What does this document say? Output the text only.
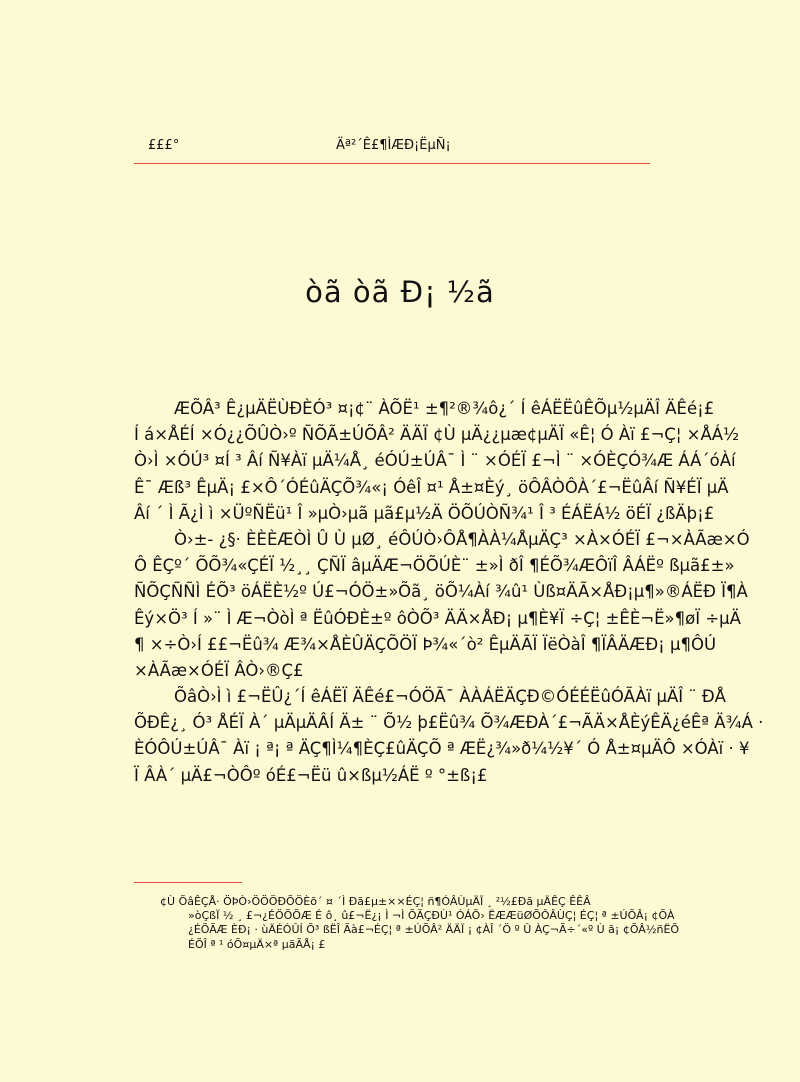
£££°	Äª²´Ê£¶ÌÆÐ¡ËµÑ¡
òã òã Ð¡ ½ã
ÆÕÂ³ Ê¿µÄËÙÐÈÓ³ ¤¡¢¨ ÀÕË¹ ±¶²®¾ô¿´ Í êÁËËûÊÕµ½µÄÎ ÄÊé¡£
Í á×ÅÉÍ ×Ó¿¿ÕÛÒ›º ÑÕÃ±ÚÕÂ² ÄÄÏ ¢Ù µÄ¿¿µæ¢µÄÏ «Ê¦ Ó Àï £¬Ç¦ ×ÅÁ½
Ò›Ì ×ÓÚ³ ¤Í ³ Âí Ñ¥Àï µÄ¼Å¸ éÓÚ±ÚÂ¯ Ì ¨ ×ÓÉÏ £¬Ì ¨ ×ÓÈÇÓ¾Æ ÁÁ´óÀí
Ê¯ Æß³ ÊµÄ¡ £×Ô´ÓÉûÄÇÕ¾«¡ ÓêÎ ¤¹ Å±¤Èý¸ öÔÂÒÔÀ´£¬ËûÂí Ñ¥ÉÏ µÄ
Âí ´ Ì Ã¿Ì ì ×ÜºÑËü¹ Î »µÒ›µã µã£µ½Ä ÖÕÚÒÑ¾¹ Î ³ ÉÁËÁ½ öÉÏ ¿ßÄþ¡£
Ò›±- ¿§· ÈÈÈÆÒÌ Û Ù µØ¸ éÔÚÒ›ÔÅ¶ÀÀ¼ÅµÄÇ³ ×À×ÓÉÏ £¬×ÀÃæ×Ó
Ô ÊÇº´ ÕÕ¾«ÇÉÏ ½¸¸ ÇÑÏ âµÄÆ¬ÖÕÚÈ¨ ±»Ì ðÎ ¶ÉÕ¾ÆÔïÎ ÂÁËº ßµã£±»
ÑÕÇÑÑÌ ÉÕ³ öÁËÈ½º Ú£¬ÓÖ±»Õã¸ öÕ¼Àí ¾û¹ Ùß¤ÄÃ×ÅÐ¡µ¶»®ÁËÐ Ï¶À
Êý×Ö³ Í »¨ Ì Æ¬ÒòÌ ª ËûÓÐÈ±º ôÒÕ³ ÄÄ×ÅÐ¡ µ¶È¥Ï ÷Ç¦ ±ÊÈ¬Ë»¶øÏ ÷µÄ
¶ ×÷Ò›Í ££¬Ëû¾ Æ¾×ÅÈÛÄÇÕÖÏ Þ¾«´ò² ÊµÄÃÏ ÏëÒàÎ ¶ÏÂÄÆÐ¡ µ¶ÔÚ
×ÀÃæ×ÓÉÏ ÂÒ›®Ç£
ÕâÒ›Ì ì £¬ËÛ¿´Í êÁËÏ ÄÊé£¬ÓÖÃ¯ ÀÀÁËÄÇÐ©ÓÉÉËûÓÃÀï µÄÎ ¨ ÐÅ
ÕÐÊ¿¸ Ó³ ÅÉÏ À´ µÄµÄÂÍ Ä± ¨ Õ½ þ£Ëû¾ Õ¾ÆÐÀ´£¬ÃÄ×ÅÈýÊÄ¿éÊª Ä¾Á ·
ÈÓÔÚ±ÚÂ¯ Àï ¡ ª¡ ª ÄÇ¶Ì¼¶ÈÇ£ûÄÇÕ ª ÆË¿¾»ð¼½¥´ Ó Å±¤µÄÔ ×ÓÀï · ¥
Ï ÂÀ´ µÄ£¬ÒÔº óÉ£¬Ëü û×ßµ½ÁË º °±ß¡£
¢Ù ÕâÊÇÅ· ÖÞÒ›ÖÖÖÐÕÖÈõ´ ¤ ´Ì Ðã£µ±××ÉÇ¦ ñ¶ÓÂÙµÄÏ ¸ ²½£Ðã µÄÊÇ ÊÊÂ
»òÇßÏ ½ ¸ £¬¿ÉÖÕÕÆ É ô¸ û£¬Ë¿¡ Ì ¬Ì ÕÃÇÐÙ¹ ÓÁÕ› ËÆÆüØÕÔÂÙÇ¦ ÉÇ¦ ª ±ÚÕÂ¡ ¢ÕÀ
¿ÉÕÃÆ ÈÐ¡ · ùÄÉÓÛÍ Õ³ ßËÎ Ãà£¬ÉÇ¦ ª ±ÚÕÂ² ÄÄÏ ¡ ¢ÀÎ ´Ö º Û ÀÇ¬Ã÷´«º Ù ã¡ ¢ÕÂ½ñËÕ
ÉÕÎ ª ¹ óÕ¤µÄ×ª µãÃÅ¡ £
